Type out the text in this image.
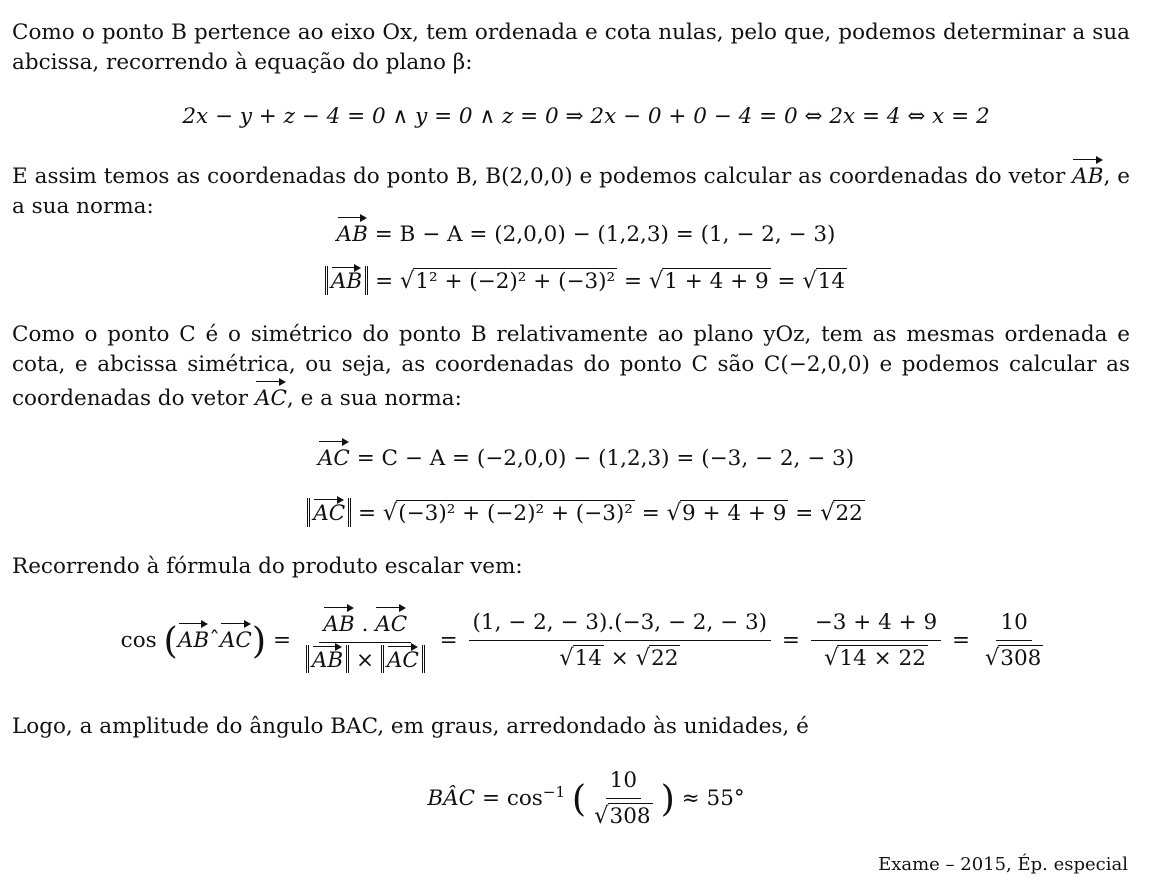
Como o ponto B pertence ao eixo Ox, tem ordenada e cota nulas, pelo que, podemos determinar a sua abcissa, recorrendo à equação do plano β:
2x − y + z − 4 = 0 ∧ y = 0 ∧ z = 0 ⇒ 2x − 0 + 0 − 4 = 0 ⇔ 2x = 4 ⇔ x = 2
E assim temos as coordenadas do ponto B, B(2,0,0) e podemos calcular as coordenadas do vetor AB, e a sua norma:
AB = B − A = (2,0,0) − (1,2,3) = (1, − 2, − 3)
AB = √1² + (−2)² + (−3)² = √1 + 4 + 9 = √14
Como o ponto C é o simétrico do ponto B relativamente ao plano yOz, tem as mesmas ordenada e cota, e abcissa simétrica, ou seja, as coordenadas do ponto C são C(−2,0,0) e podemos calcular as coordenadas do vetor AC, e a sua norma:
AC = C − A = (−2,0,0) − (1,2,3) = (−3, − 2, − 3)
AC = √(−3)² + (−2)² + (−3)² = √9 + 4 + 9 = √22
Recorrendo à fórmula do produto escalar vem:
cos (ABˆAC) = $\frac{AB . AC}{AB \times AC} = \frac{(1, - 2, - 3).(-3, - 2, - 3)}{√14 \times √22} = \frac{-3 + 4 + 9}{√14 \times 22} = \frac{10}{√308}$
Logo, a amplitude do ângulo BAC, em graus, arredondado às unidades, é
BÂC = $\cos^{-1}$ ( $\frac{10}{√308}$ ) ≈ 55°
Exame – 2015, Ép. especial
